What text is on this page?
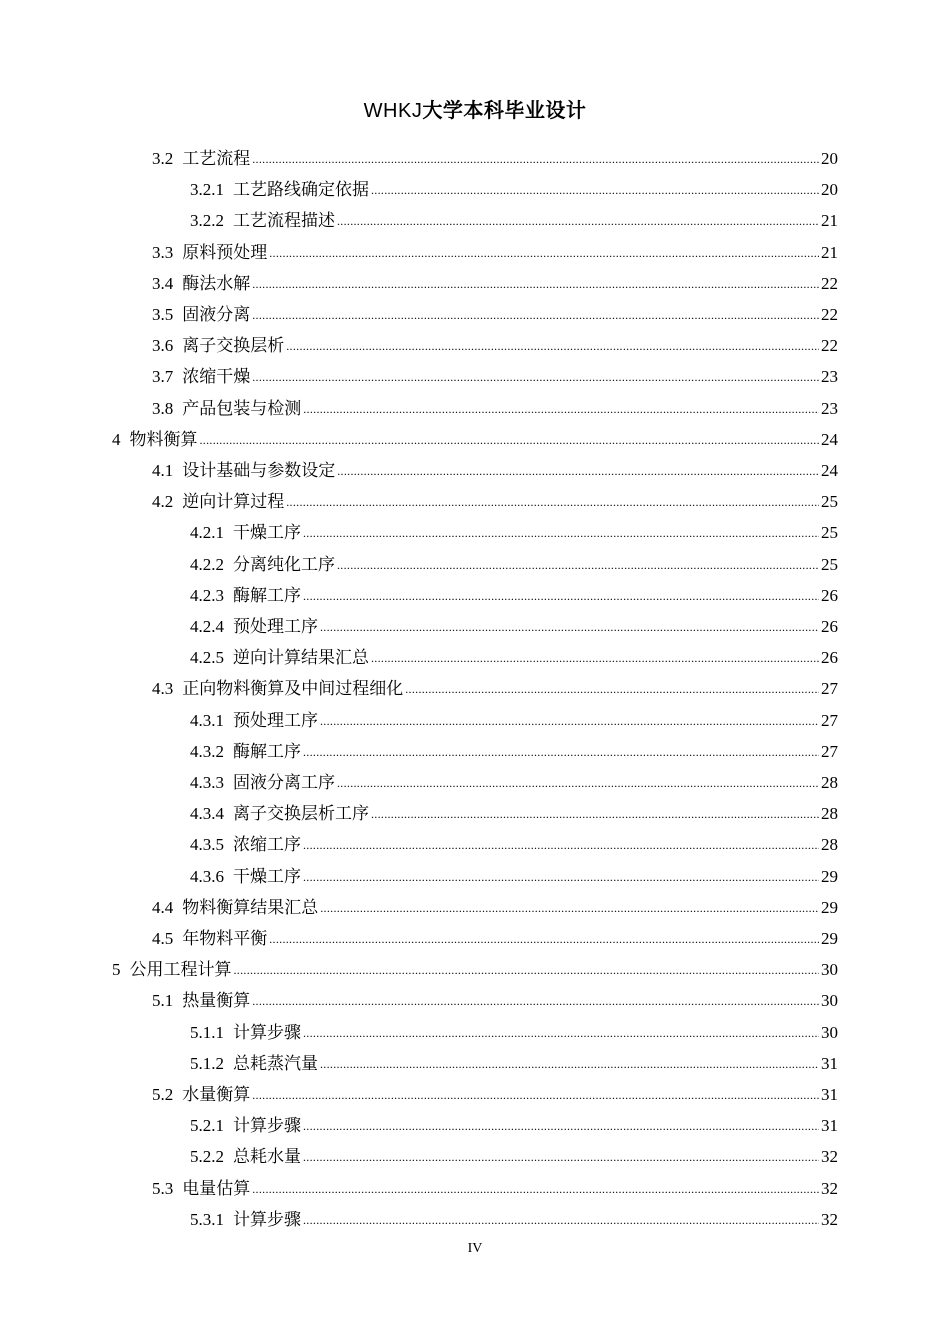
WHKJ大学本科毕业设计
3.2 工艺流程 . . .	20
3.2.1 工艺路线确定依据 . . .	20
3.2.2 工艺流程描述 . . .	21
3.3 原料预处理 . . .	21
3.4 酶法水解 . . .	22
3.5 固液分离 . . .	22
3.6 离子交换层析 . . .	22
3.7 浓缩干燥 . . .	23
3.8 产品包装与检测 . . .	23
4 物料衡算 . . .	24
4.1 设计基础与参数设定 . . .	24
4.2 逆向计算过程 . . .	25
4.2.1 干燥工序 . . .	25
4.2.2 分离纯化工序 . . .	25
4.2.3 酶解工序 . . .	26
4.2.4 预处理工序 . . .	26
4.2.5 逆向计算结果汇总 . . .	26
4.3 正向物料衡算及中间过程细化 . . .	27
4.3.1 预处理工序 . . .	27
4.3.2 酶解工序 . . .	27
4.3.3 固液分离工序 . . .	28
4.3.4 离子交换层析工序 . . .	28
4.3.5 浓缩工序 . . .	28
4.3.6 干燥工序 . . .	29
4.4 物料衡算结果汇总 . . .	29
4.5 年物料平衡 . . .	29
5 公用工程计算 . . .	30
5.1 热量衡算 . . .	30
5.1.1 计算步骤 . . .	30
5.1.2 总耗蒸汽量 . . .	31
5.2 水量衡算 . . .	31
5.2.1 计算步骤 . . .	31
5.2.2 总耗水量 . . .	32
5.3 电量估算 . . .	32
5.3.1 计算步骤 . . .	32
IV
